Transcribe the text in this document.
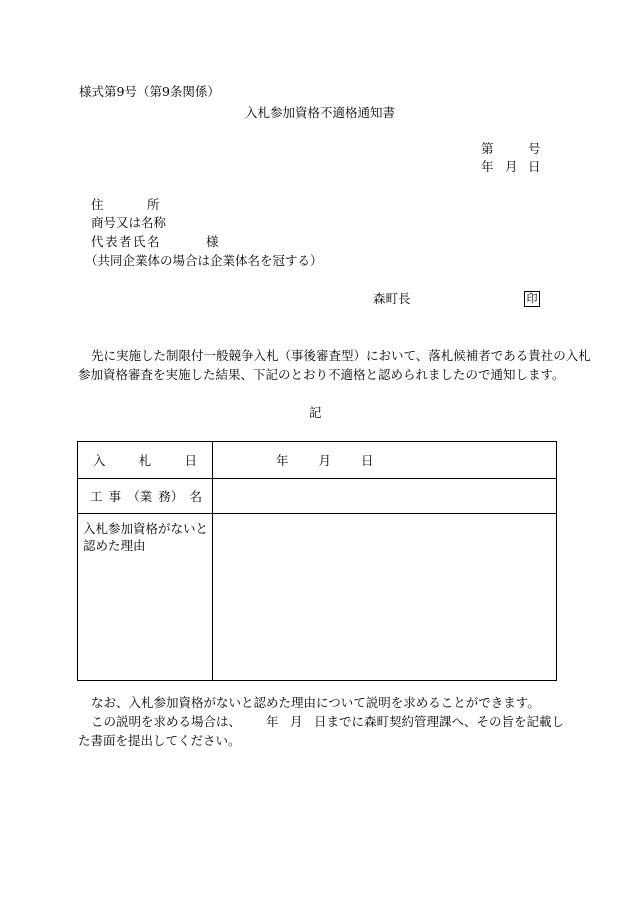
様式第9号（第9条関係）

入札参加資格不適格通知書

第	号

年 月 日

住	所

商号又は名称

代表者氏名	様

（共同企業体の場合は企業体名を冠する）

森町長	印

先に実施した制限付一般競争入札（事後審査型）において、落札候補者である貴社の入札

参加資格審査を実施した結果、下記のとおり不適格と認められましたので通知します。

記

入 札 日	年 月 日

工 事 （業 務） 名	

入札参加資格がないと
認めた理由	

なお、入札参加資格がないと認めた理由について説明を求めることができます。

この説明を求める場合は、 年 月 日までに森町契約管理課へ、その旨を記載し

た書面を提出してください。
